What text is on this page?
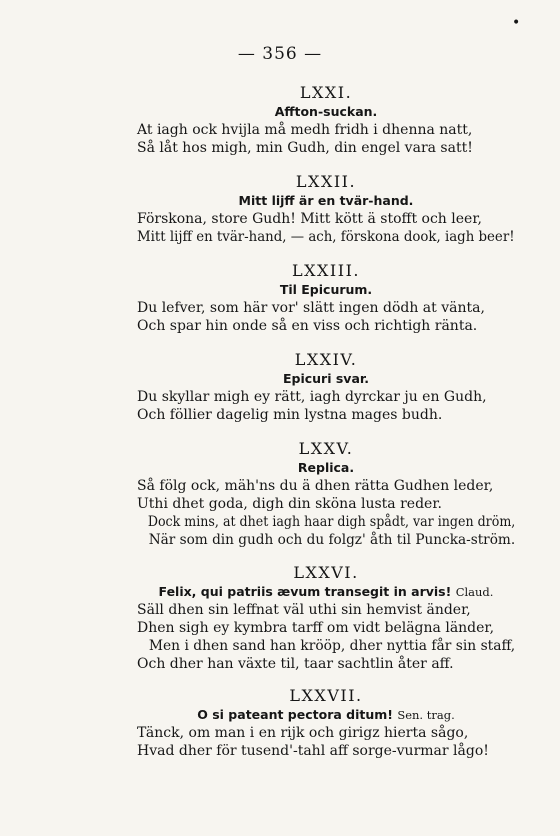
•
— 356 —
LXXI.
Affton-suckan.
At iagh ock hvijla må medh fridh i dhenna natt,
Så låt hos migh, min Gudh, din engel vara satt!
LXXII.
Mitt lijff är en tvär-hand.
Förskona, store Gudh! Mitt kött ä stofft och leer,
Mitt lijff en tvär-hand, — ach, förskona dook, iagh beer!
LXXIII.
Til Epicurum.
Du lefver, som här vor' slätt ingen dödh at vänta,
Och spar hin onde så en viss och richtigh ränta.
LXXIV.
Epicuri svar.
Du skyllar migh ey rätt, iagh dyrckar ju en Gudh,
Och föllier dagelig min lystna mages budh.
LXXV.
Replica.
Så fölg ock, mäh'ns du ä dhen rätta Gudhen leder,
Uthi dhet goda, digh din sköna lusta reder.
Dock mins, at dhet iagh haar digh spådt, var ingen dröm,
När som din gudh och du folgz' åth til Puncka-ström.
LXXVI.
Felix, qui patriis ævum transegit in arvis! Claud.
Säll dhen sin leffnat väl uthi sin hemvist änder,
Dhen sigh ey kymbra tarff om vidt belägna länder,
Men i dhen sand han krööp, dher nyttia får sin staff,
Och dher han växte til, taar sachtlin åter aff.
LXXVII.
O si pateant pectora ditum! Sen. trag.
Tänck, om man i en rijk och girigz hierta sågo,
Hvad dher för tusend'-tahl aff sorge-vurmar lågo!
